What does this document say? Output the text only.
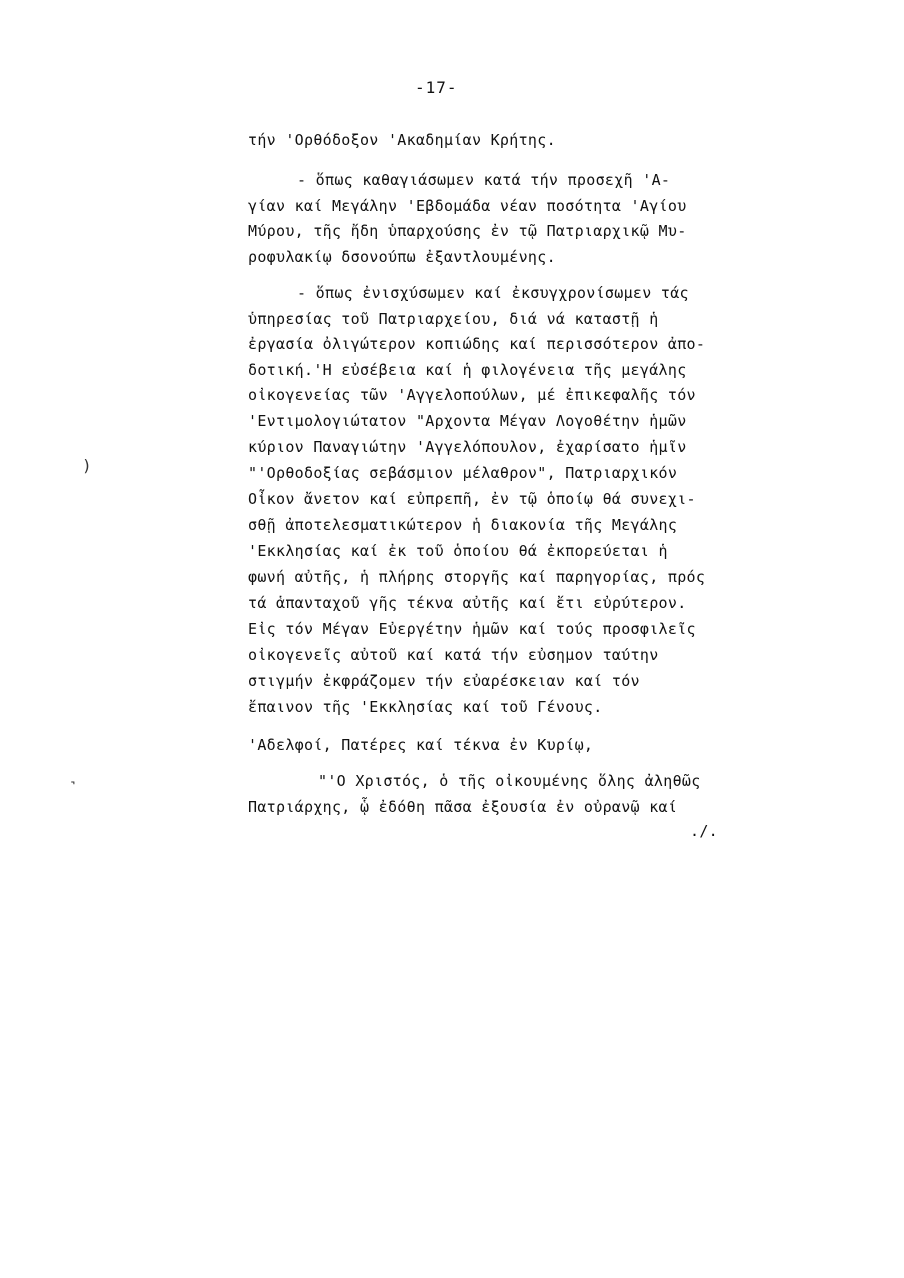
-17-
τήν 'Ορθόδοξον 'Ακαδημίαν Κρήτης.
- ὅπως καθαγιάσωμεν κατά τήν προσεχῆ 'Α-
γίαν καί Μεγάλην 'Εβδομάδα νέαν ποσότητα 'Αγίου
Μύρου, τῆς ἤδη ὑπαρχούσης ἐν τῷ Πατριαρχικῷ Μυ-
ροφυλακίῳ δσονούπω ἐξαντλουμένης.
- ὅπως ἐνισχύσωμεν καί ἐκσυγχρονίσωμεν τάς
ὑπηρεσίας τοῦ Πατριαρχείου, διά νά καταστῇ ἡ
ἐργασία ὀλιγώτερον κοπιώδης καί περισσότερον ἀπο-
δοτική.'Η εὐσέβεια καί ἡ φιλογένεια τῆς μεγάλης
οἰκογενείας τῶν 'Αγγελοπούλων, μέ ἐπικεφαλῆς τόν
'Εντιμολογιώτατον "Αρχοντα Μέγαν Λογοθέτην ἡμῶν
κύριον Παναγιώτην 'Αγγελόπουλον, ἐχαρίσατο ἡμῖν
"'Ορθοδοξίας σεβάσμιον μέλαθρον", Πατριαρχικόν
Οἶκον ἄνετον καί εὐπρεπῆ, ἐν τῷ ὁποίῳ θά συνεχι-
σθῇ ἀποτελεσματικώτερον ἡ διακονία τῆς Μεγάλης
'Εκκλησίας καί ἐκ τοῦ ὁποίου θά ἐκπορεύεται ἡ
φωνή αὐτῆς, ἡ πλήρης στοργῆς καί παρηγορίας, πρός
τά ἁπανταχοῦ γῆς τέκνα αὐτῆς καί ἔτι εὐρύτερον.
Εἰς τόν Μέγαν Εὐεργέτην ἡμῶν καί τούς προσφιλεῖς
οἰκογενεῖς αὐτοῦ καί κατά τήν εὐσημον ταύτην
στιγμήν ἐκφράζομεν τήν εὐαρέσκειαν καί τόν
ἔπαινον τῆς 'Εκκλησίας καί τοῦ Γένους.
'Αδελφοί, Πατέρες καί τέκνα ἐν Κυρίῳ,
"'Ο Χριστός, ὁ τῆς οἰκουμένης ὅλης ἀληθῶς
Πατριάρχης, ᾧ ἐδόθη πᾶσα ἐξουσία ἐν οὐρανῷ καί
./.
)
˺
